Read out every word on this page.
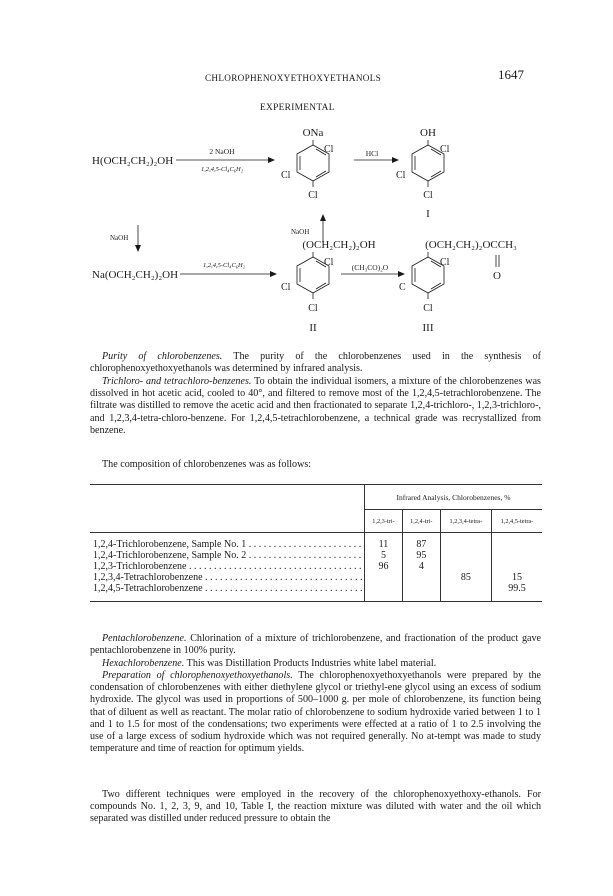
CHLOROPHENOXYETHOXYETHANOLS	1647
EXPERIMENTAL
ONa
Cl
Cl
Cl
OH
Cl
Cl
Cl
I
H(OCH₂CH₂)₂OH
2 NaOH
1,2,4,5-Cl₄C₆H₂
HCl
NaOH
NaOH
Na(OCH₂CH₂)₂OH
1,2,4,5-Cl₄C₆H₂	(CH₃CO)₂O
(OCH₂CH₂)₂OH
Cl
Cl
Cl
II
(OCH₂CH₂)₂OCCH₃
O
Cl
C
Cl
III

Purity of chlorobenzenes. The purity of the chlorobenzenes used in the synthesis of chlorophenoxyethoxyethanols was determined by infrared analysis.

Trichloro- and tetrachloro-benzenes. To obtain the individual isomers, a mixture of the chlorobenzenes was dissolved in hot acetic acid, cooled to 40°, and filtered to remove most of the 1,2,4,5-tetrachlorobenzene. The filtrate was distilled to remove the acetic acid and then fractionated to separate 1,2,4-trichloro-, 1,2,3-trichloro-, and 1,2,3,4-tetra-chloro-benzene. For 1,2,4,5-tetrachlorobenzene, a technical grade was recrystallized from benzene.

The composition of chlorobenzenes was as follows:

	Infrared Analysis, Chlorobenzenes, %			
	1,2,3-tri-	1,2,4-tri-	1,2,3,4-tetra-	1,2,4,5-tetra-

1,2,4-Trichlorobenzene, Sample No. 1 . . .	11	87		
1,2,4-Trichlorobenzene, Sample No. 2 . . .	5	95		
1,2,3-Trichlorobenzene . . .	96	4		
1,2,3,4-Tetrachlorobenzene . . .			85	15
1,2,4,5-Tetrachlorobenzene . . .				99.5

Pentachlorobenzene. Chlorination of a mixture of trichlorobenzene, and fractionation of the product gave pentachlorobenzene in 100% purity.

Hexachlorobenzene. This was Distillation Products Industries white label material.

Preparation of chlorophenoxyethoxyethanols. The chlorophenoxyethoxyethanols were prepared by the condensation of chlorobenzenes with either diethylene glycol or triethyl-ene glycol using an excess of sodium hydroxide. The glycol was used in proportions of 500–1000 g. per mole of chlorobenzene, its function being that of diluent as well as reactant. The molar ratio of chlorobenzene to sodium hydroxide varied between 1 to 1 and 1 to 1.5 for most of the condensations; two experiments were effected at a ratio of 1 to 2.5 involving the use of a large excess of sodium hydroxide which was not required generally. No at-tempt was made to study temperature and time of reaction for optimum yields.

Two different techniques were employed in the recovery of the chlorophenoxyethoxy-ethanols. For compounds No. 1, 2, 3, 9, and 10, Table I, the reaction mixture was diluted with water and the oil which separated was distilled under reduced pressure to obtain the
